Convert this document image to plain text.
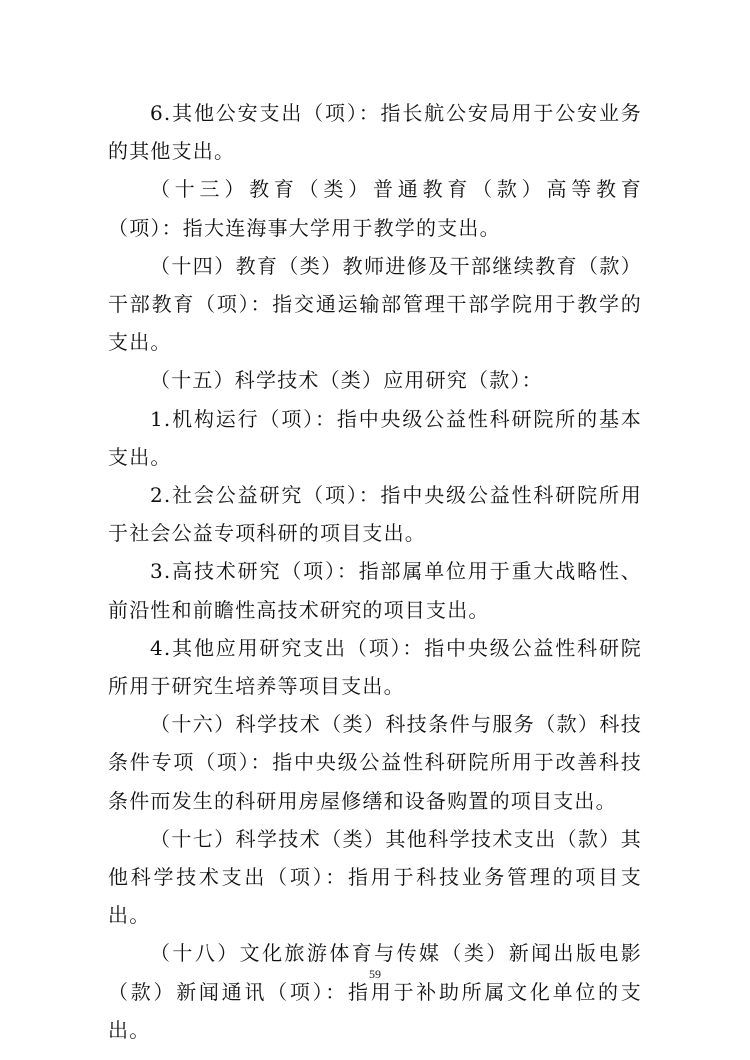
6.其他公安支出（项）：指长航公安局用于公安业务的其他支出。

（十三）教育（类）普通教育（款）高等教育（项）：指大连海事大学用于教学的支出。

（十四）教育（类）教师进修及干部继续教育（款）干部教育（项）：指交通运输部管理干部学院用于教学的支出。

（十五）科学技术（类）应用研究（款）：

1.机构运行（项）：指中央级公益性科研院所的基本支出。

2.社会公益研究（项）：指中央级公益性科研院所用于社会公益专项科研的项目支出。

3.高技术研究（项）：指部属单位用于重大战略性、前沿性和前瞻性高技术研究的项目支出。

4.其他应用研究支出（项）：指中央级公益性科研院所用于研究生培养等项目支出。

（十六）科学技术（类）科技条件与服务（款）科技条件专项（项）：指中央级公益性科研院所用于改善科技条件而发生的科研用房屋修缮和设备购置的项目支出。

（十七）科学技术（类）其他科学技术支出（款）其他科学技术支出（项）：指用于科技业务管理的项目支出。

（十八）文化旅游体育与传媒（类）新闻出版电影（款）新闻通讯（项）：指用于补助所属文化单位的支出。

59
